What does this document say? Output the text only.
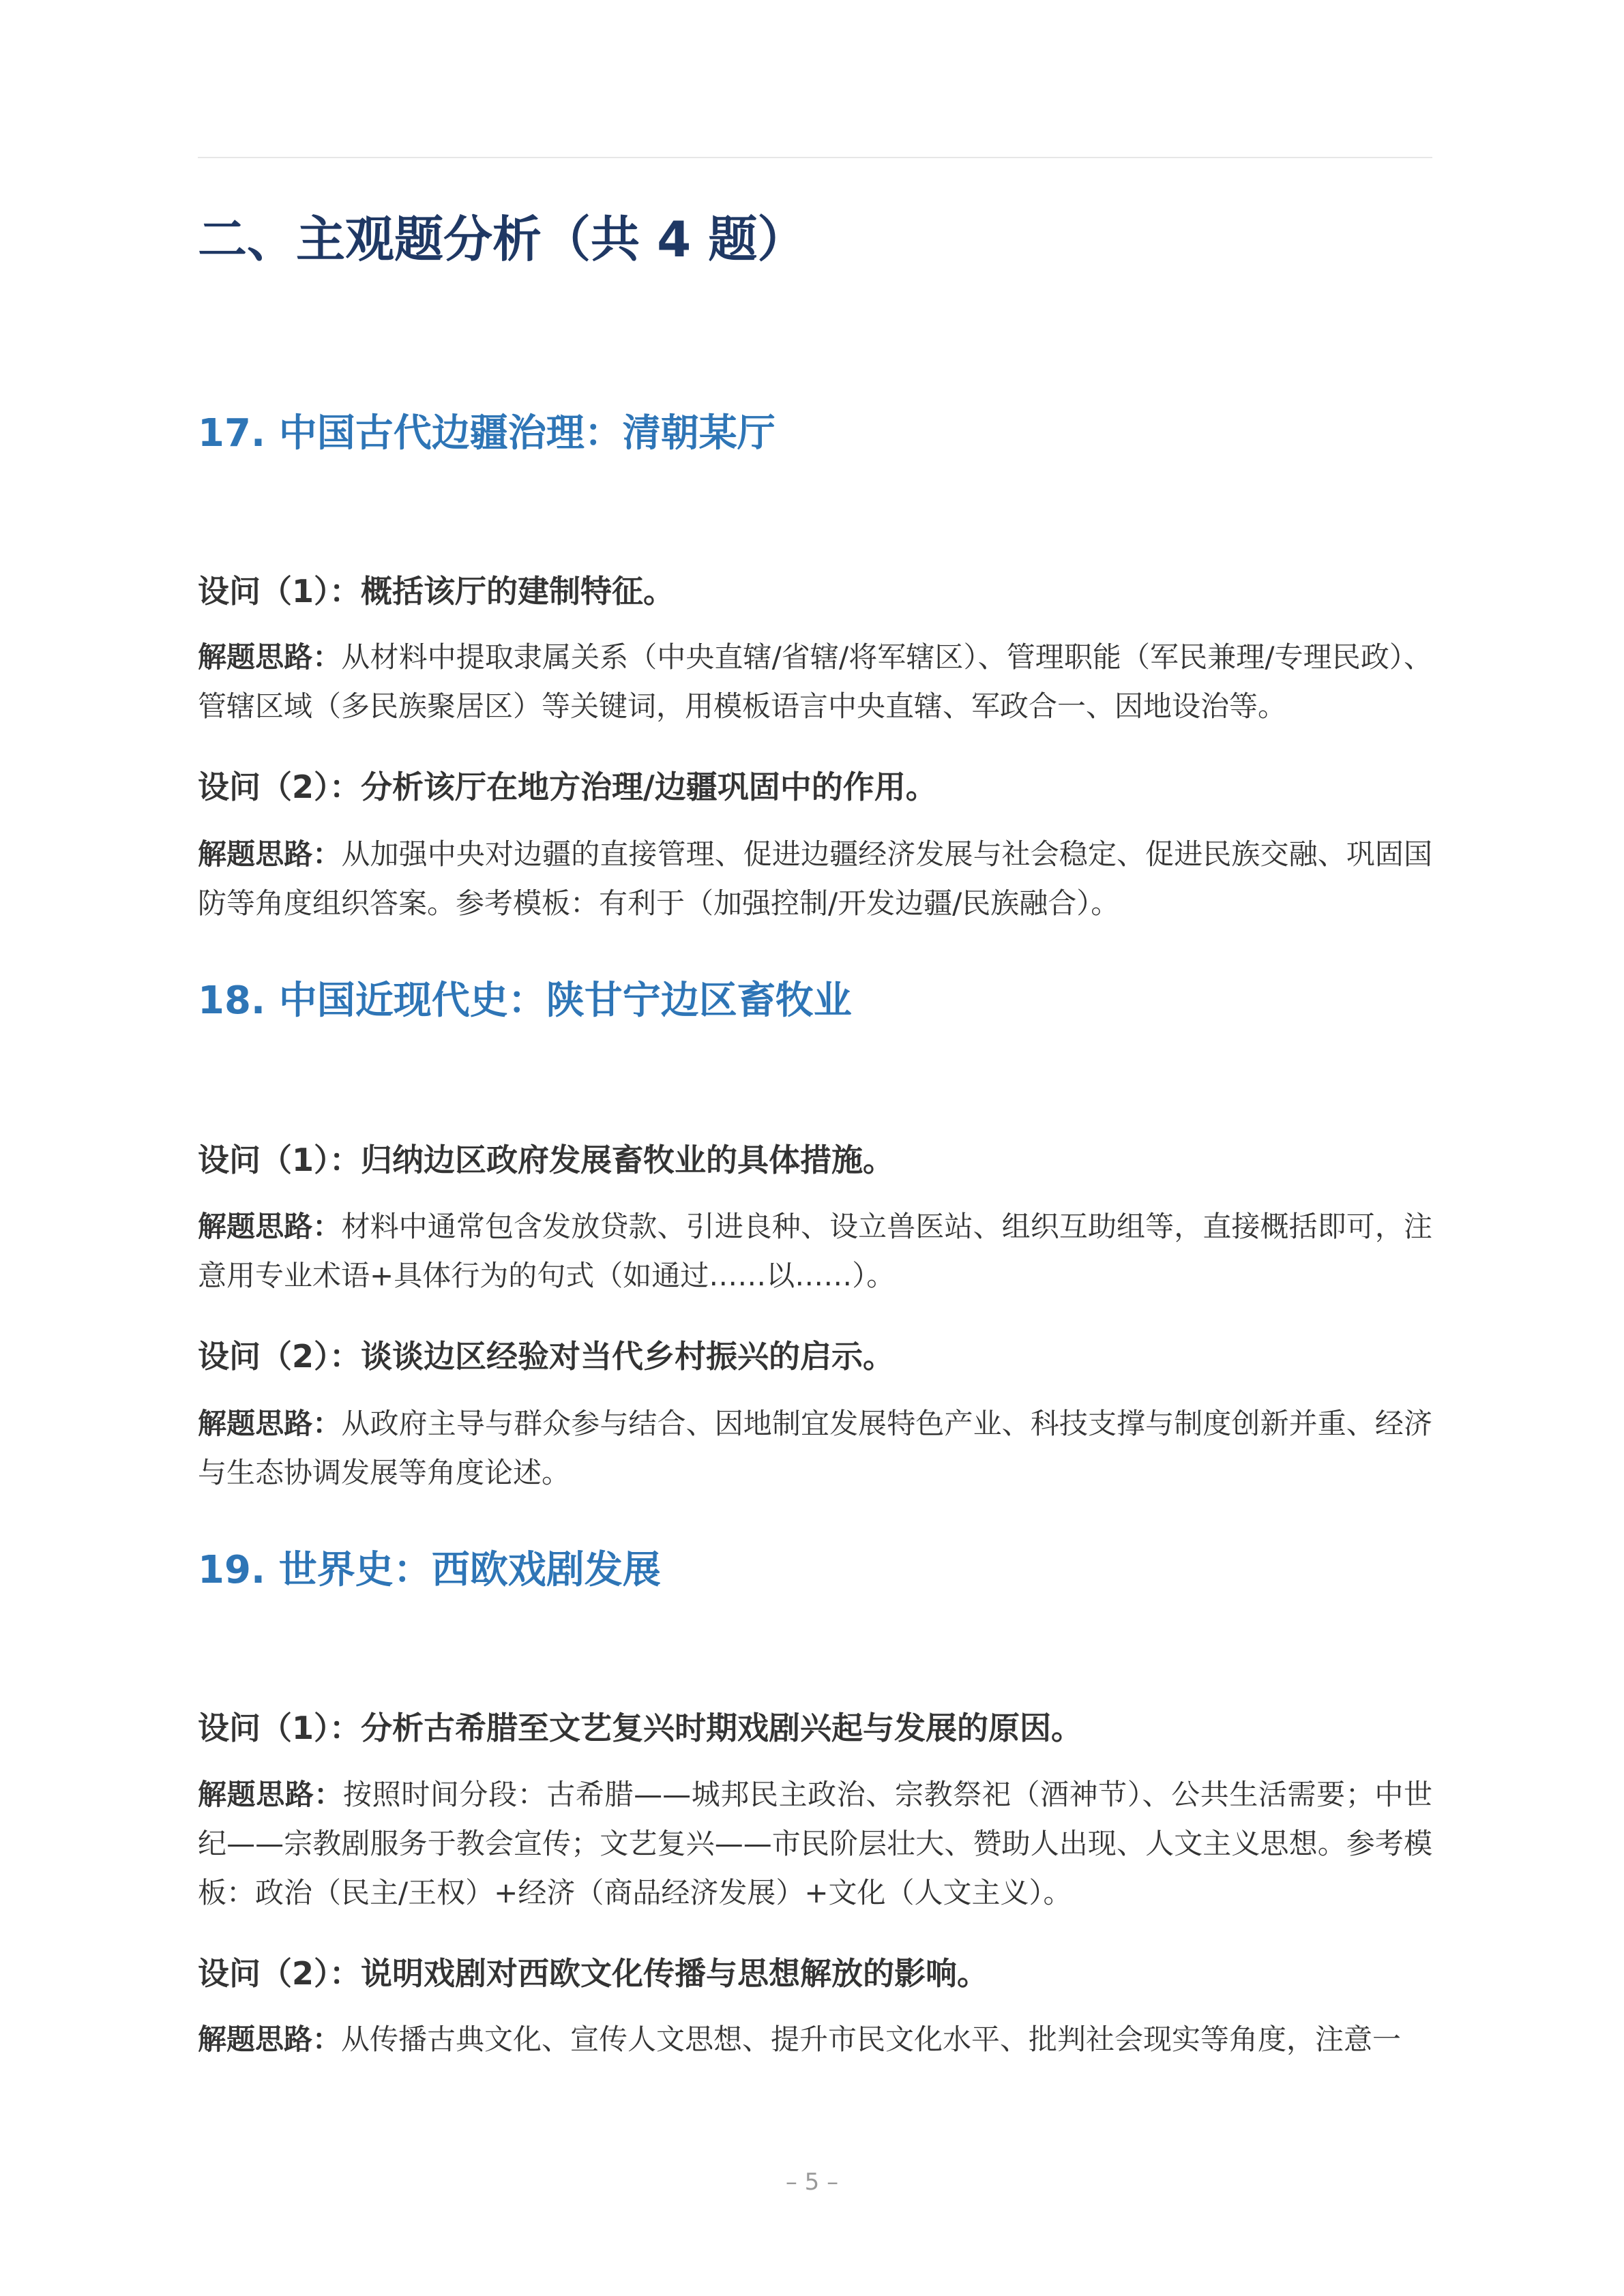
二、主观题分析（共 4 题）
17. 中国古代边疆治理：清朝某厅
设问（1）：概括该厅的建制特征。
解题思路：从材料中提取隶属关系（中央直辖/省辖/将军辖区）、管理职能（军民兼理/专理民政）、管辖区域（多民族聚居区）等关键词，用模板语言中央直辖、军政合一、因地设治等。
设问（2）：分析该厅在地方治理/边疆巩固中的作用。
解题思路：从加强中央对边疆的直接管理、促进边疆经济发展与社会稳定、促进民族交融、巩固国防等角度组织答案。参考模板：有利于（加强控制/开发边疆/民族融合）。
18. 中国近现代史：陕甘宁边区畜牧业
设问（1）：归纳边区政府发展畜牧业的具体措施。
解题思路：材料中通常包含发放贷款、引进良种、设立兽医站、组织互助组等，直接概括即可，注意用专业术语+具体行为的句式（如通过……以……）。
设问（2）：谈谈边区经验对当代乡村振兴的启示。
解题思路：从政府主导与群众参与结合、因地制宜发展特色产业、科技支撑与制度创新并重、经济与生态协调发展等角度论述。
19. 世界史：西欧戏剧发展
设问（1）：分析古希腊至文艺复兴时期戏剧兴起与发展的原因。
解题思路：按照时间分段：古希腊——城邦民主政治、宗教祭祀（酒神节）、公共生活需要；中世纪——宗教剧服务于教会宣传；文艺复兴——市民阶层壮大、赞助人出现、人文主义思想。参考模板：政治（民主/王权）+经济（商品经济发展）+文化（人文主义）。
设问（2）：说明戏剧对西欧文化传播与思想解放的影响。
解题思路：从传播古典文化、宣传人文思想、提升市民文化水平、批判社会现实等角度，注意一
– 5 –
